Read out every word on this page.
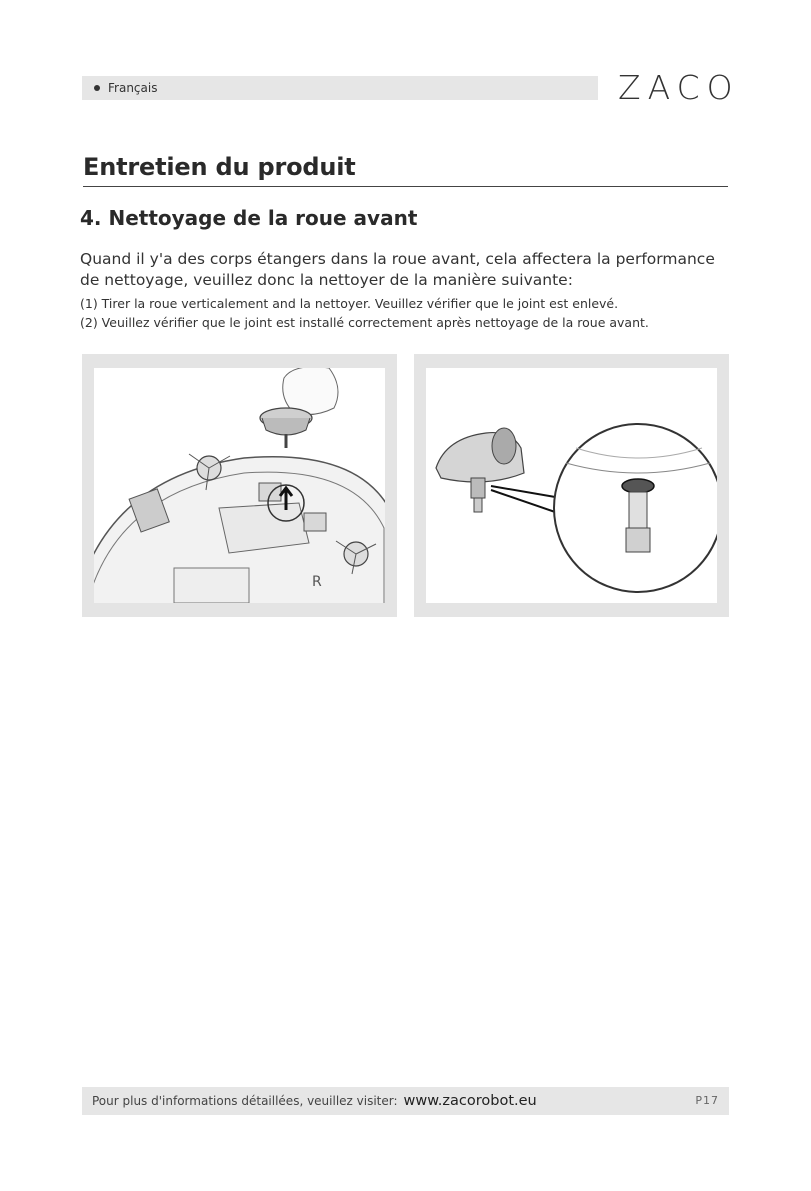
Français	ZACO
Entretien du produit
4. Nettoyage de la roue avant
Quand il y'a des corps étangers dans la roue avant, cela affectera la performance de nettoyage, veuillez donc la nettoyer de la manière suivante:
(1) Tirer la roue verticalement and la nettoyer. Veuillez vérifier que le joint est enlevé.
(2) Veuillez vérifier que le joint est installé correctement après nettoyage de la roue avant.
R
Pour plus d'informations détaillées, veuillez visiter: www.zacorobot.eu	P17
